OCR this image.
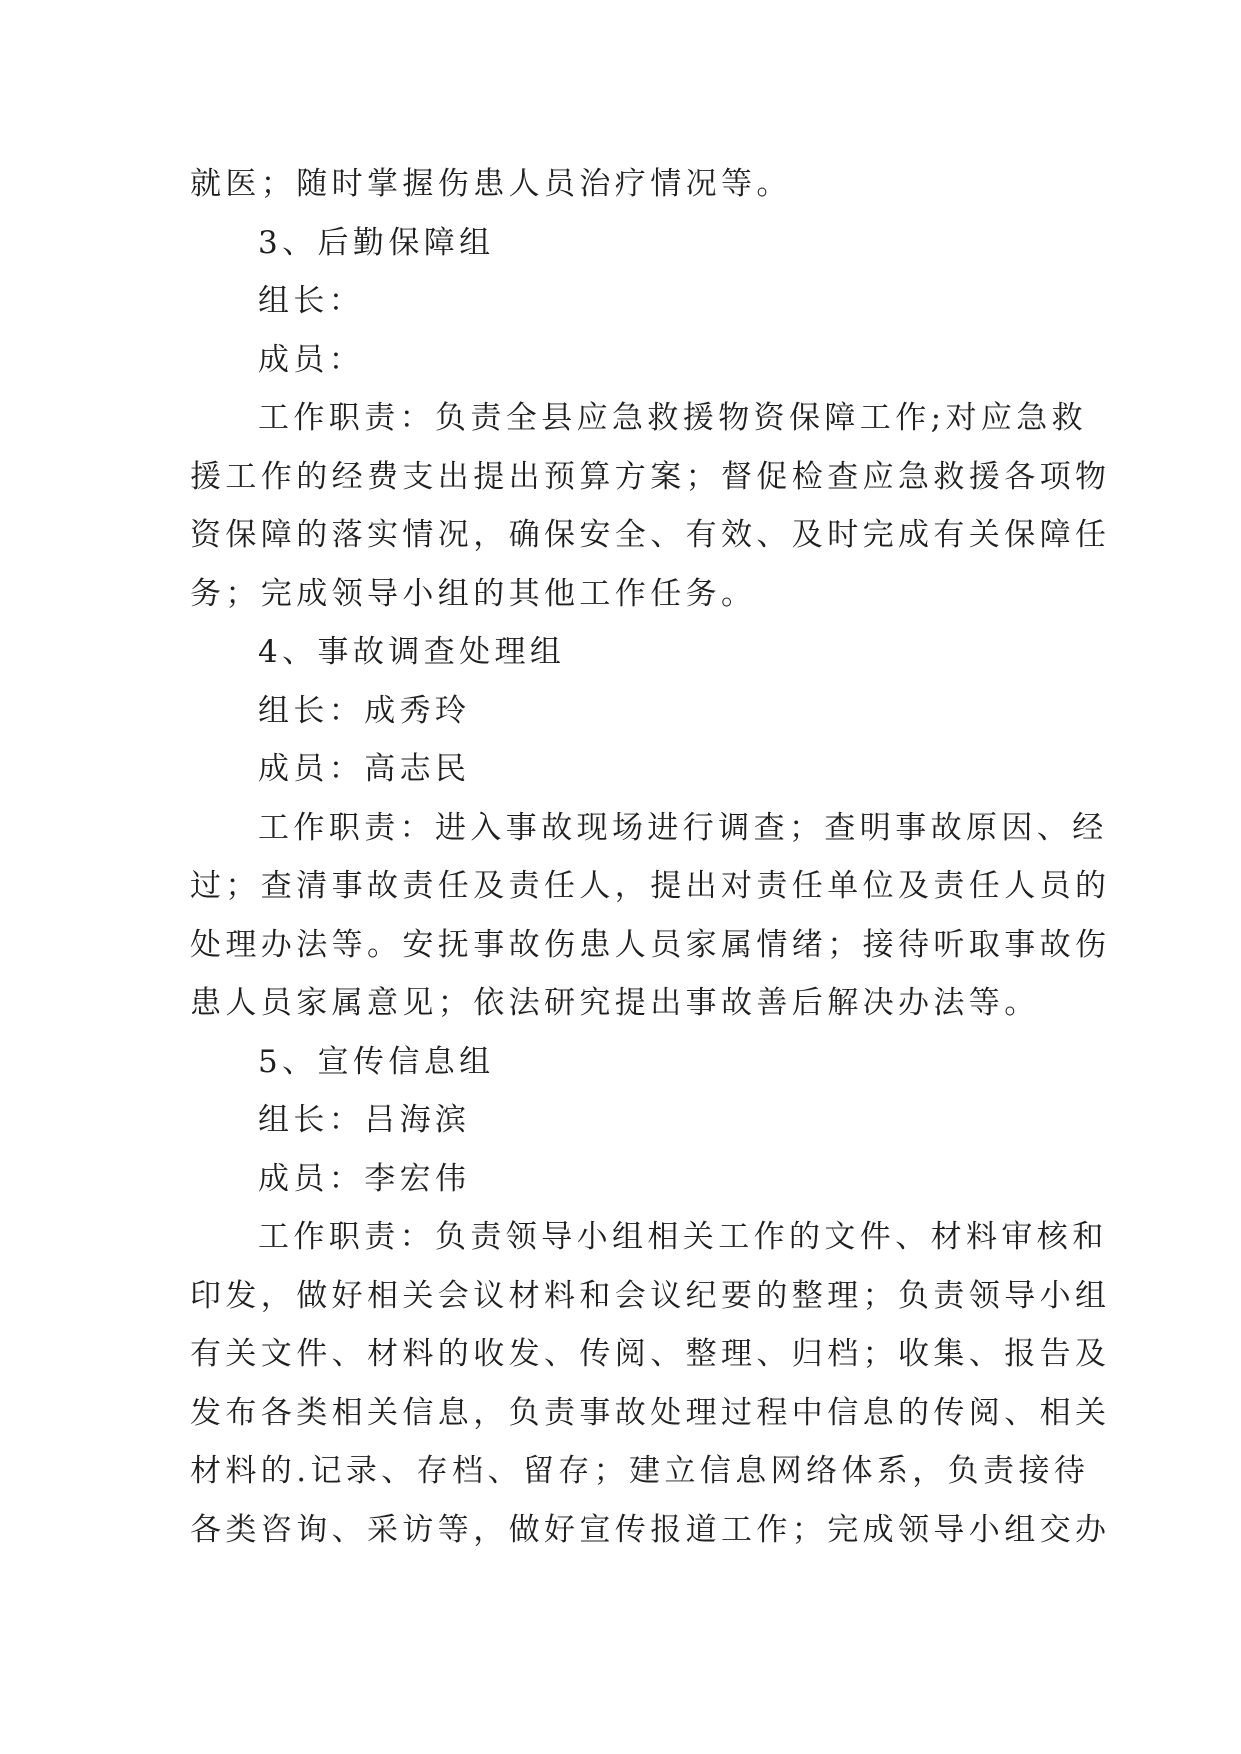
就医；随时掌握伤患人员治疗情况等。
3、后勤保障组
组长：
成员：
工作职责：负责全县应急救援物资保障工作;对应急救
援工作的经费支出提出预算方案；督促检查应急救援各项物
资保障的落实情况，确保安全、有效、及时完成有关保障任
务；完成领导小组的其他工作任务。
4、事故调查处理组
组长：成秀玲
成员：高志民
工作职责：进入事故现场进行调查；查明事故原因、经
过；查清事故责任及责任人，提出对责任单位及责任人员的
处理办法等。安抚事故伤患人员家属情绪；接待听取事故伤
患人员家属意见；依法研究提出事故善后解决办法等。
5、宣传信息组
组长：吕海滨
成员：李宏伟
工作职责：负责领导小组相关工作的文件、材料审核和
印发，做好相关会议材料和会议纪要的整理；负责领导小组
有关文件、材料的收发、传阅、整理、归档；收集、报告及
发布各类相关信息，负责事故处理过程中信息的传阅、相关
材料的.记录、存档、留存；建立信息网络体系，负责接待
各类咨询、采访等，做好宣传报道工作；完成领导小组交办
